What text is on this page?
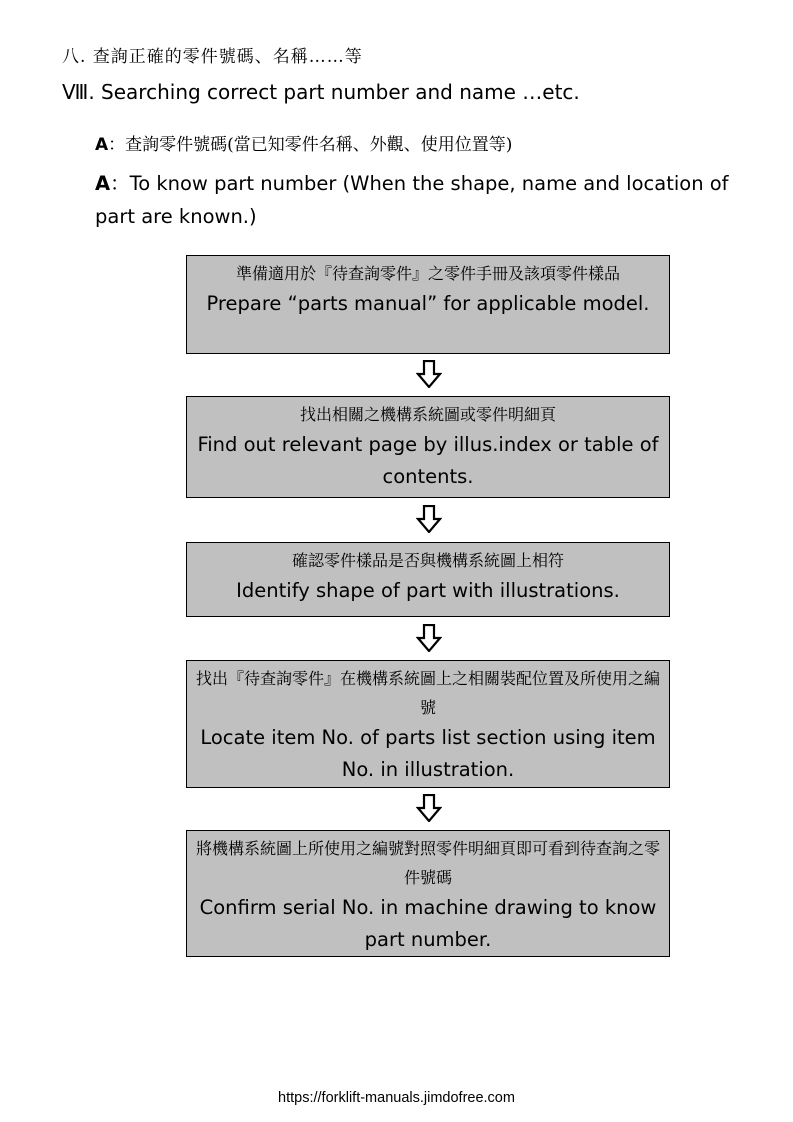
八. 查詢正確的零件號碼、名稱……等
Ⅷ. Searching correct part number and name …etc.
A：查詢零件號碼(當已知零件名稱、外觀、使用位置等)
A：To know part number (When the shape, name and location of part are known.)
準備適用於『待查詢零件』之零件手冊及該項零件樣品
Prepare “parts manual” for applicable model.
找出相關之機構系統圖或零件明細頁
Find out relevant page by illus.index or table of contents.
確認零件樣品是否與機構系統圖上相符
Identify shape of part with illustrations.
找出『待查詢零件』在機構系統圖上之相關裝配位置及所使用之編號
Locate item No. of parts list section using item No. in illustration.
將機構系統圖上所使用之編號對照零件明細頁即可看到待查詢之零件號碼
Confirm serial No. in machine drawing to know part number.
https://forklift-manuals.jimdofree.com
